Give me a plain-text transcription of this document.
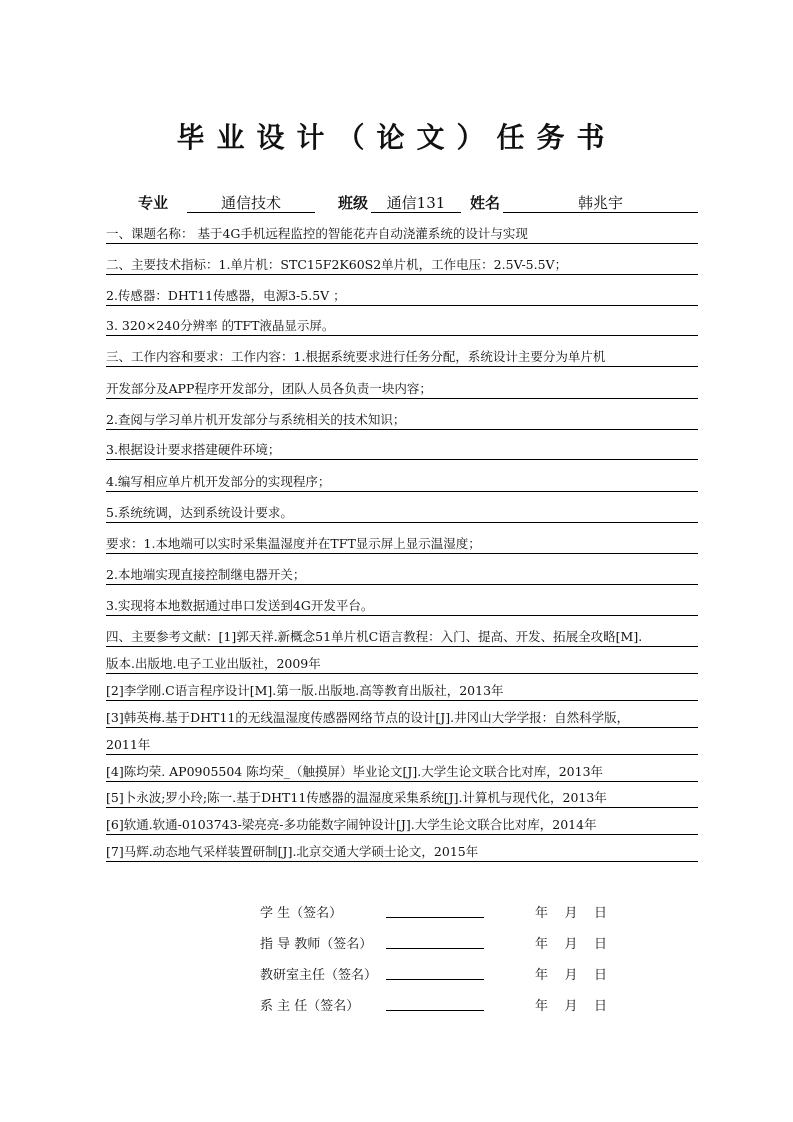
毕业设计（论文）任务书
专业	通信技术	班级	通信131	姓名	韩兆宇
一、课题名称： 基于4G手机远程监控的智能花卉自动浇灌系统的设计与实现
二、主要技术指标：1.单片机：STC15F2K60S2单片机，工作电压：2.5V-5.5V；
2.传感器：DHT11传感器，电源3-5.5V ；
3. 320×240分辨率 的TFT液晶显示屏。
三、工作内容和要求：工作内容：1.根据系统要求进行任务分配，系统设计主要分为单片机
开发部分及APP程序开发部分，团队人员各负责一块内容；
2.查阅与学习单片机开发部分与系统相关的技术知识；
3.根据设计要求搭建硬件环境；
4.编写相应单片机开发部分的实现程序；
5.系统统调，达到系统设计要求。
要求：1.本地端可以实时采集温湿度并在TFT显示屏上显示温湿度；
2.本地端实现直接控制继电器开关；
3.实现将本地数据通过串口发送到4G开发平台。
四、主要参考文献：[1]郭天祥.新概念51单片机C语言教程：入门、提高、开发、拓展全攻略[M].
版本.出版地.电子工业出版社，2009年
[2]李学刚.C语言程序设计[M].第一版.出版地.高等教育出版社，2013年
[3]韩英梅.基于DHT11的无线温湿度传感器网络节点的设计[J].井冈山大学学报：自然科学版，
2011年
[4]陈均荣. AP0905504 陈均荣_（触摸屏）毕业论文[J].大学生论文联合比对库，2013年
[5]卜永波;罗小玲;陈一.基于DHT11传感器的温湿度采集系统[J].计算机与现代化，2013年
[6]软通.软通-0103743-梁亮亮-多功能数字闹钟设计[J].大学生论文联合比对库，2014年
[7]马辉.动态地气采样装置研制[J].北京交通大学硕士论文，2015年
学 生（签名）	年    月    日
指 导 教师（签名）	年    月    日
教研室主任（签名）	年    月    日
系 主 任（签名）	年    月    日
